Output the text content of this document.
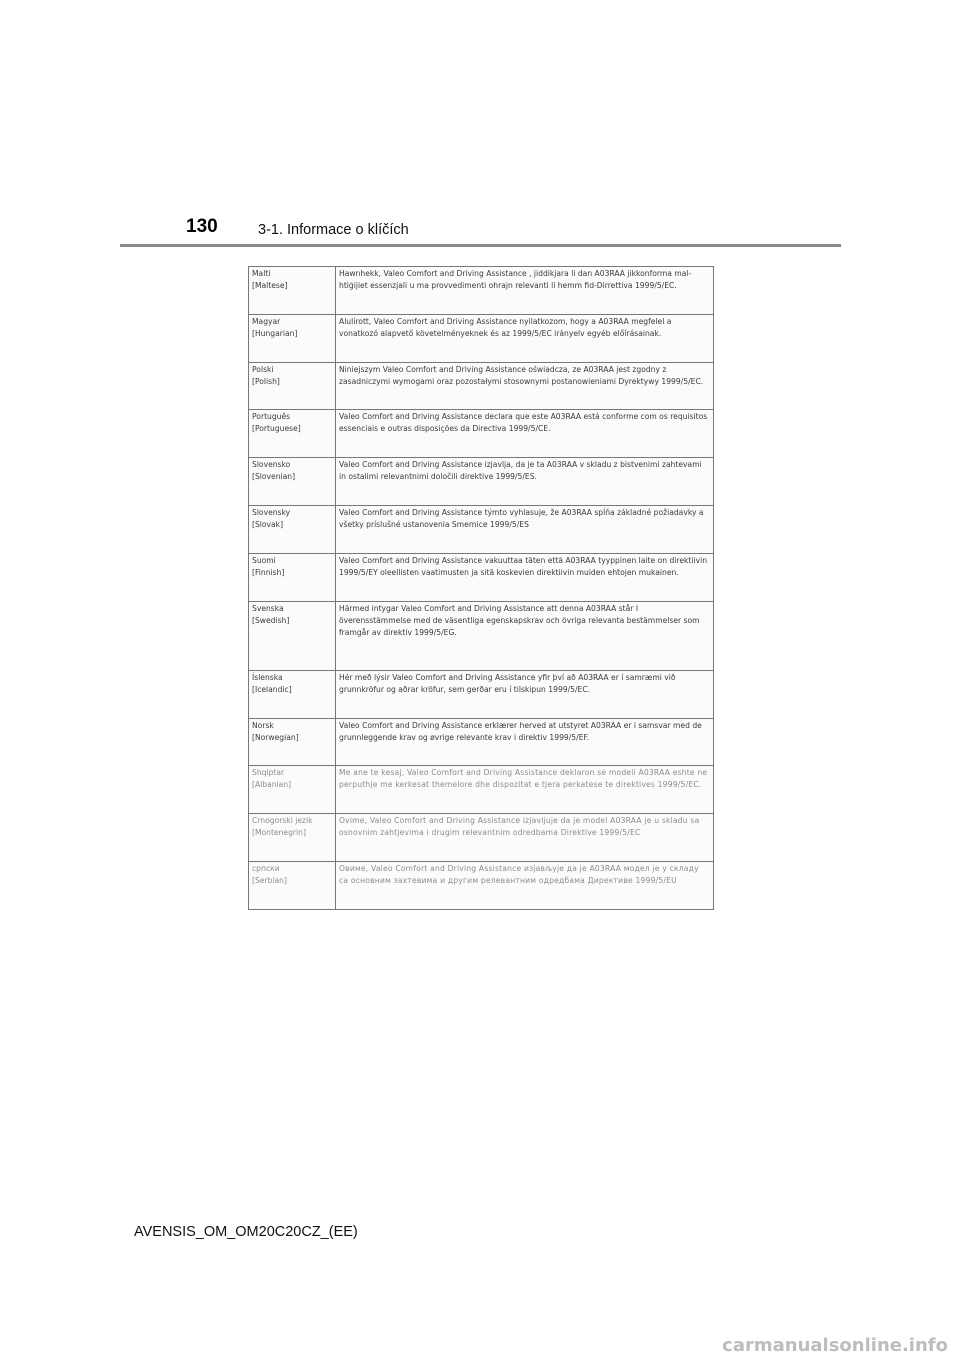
130	3-1. Informace o klíčích
Malti
[Maltese]	Hawnhekk, Valeo Comfort and Driving Assistance , jiddikjara li dan A03RAA jikkonforma mal-htiġijiet essenzjali u ma provvedimenti ohrajn relevanti li hemm fid-Dirrettiva 1999/5/EC.
Magyar
[Hungarian]	Alulírott, Valeo Comfort and Driving Assistance nyilatkozom, hogy a A03RAA megfelel a vonatkozó alapvető követelményeknek és az 1999/5/EC irányelv egyéb előírásainak.
Polski
[Polish]	Niniejszym Valeo Comfort and Driving Assistance oświadcza, ze A03RAA jest zgodny z zasadniczymi wymogami oraz pozostałymi stosownymi postanowieniami Dyrektywy 1999/5/EC.
Português
[Portuguese]	Valeo Comfort and Driving Assistance declara que este A03RAA está conforme com os requisitos essenciais e outras disposições da Directiva 1999/5/CE.
Slovensko
[Slovenian]	Valeo Comfort and Driving Assistance izjavlja, da je ta A03RAA v skladu z bistvenimi zahtevami in ostalimi relevantnimi določili direktive 1999/5/ES.
Slovensky
[Slovak]	Valeo Comfort and Driving Assistance týmto vyhlasuje, že A03RAA spĺňa základné požiadavky a všetky príslušné ustanovenia Smernice 1999/5/ES
Suomi
[Finnish]	Valeo Comfort and Driving Assistance vakuuttaa täten että A03RAA tyyppinen laite on direktiivin 1999/5/EY oleellisten vaatimusten ja sitä koskevien direktiivin muiden ehtojen mukainen.
Svenska
[Swedish]	Härmed intygar Valeo Comfort and Driving Assistance att denna A03RAA står I överensstämmelse med de väsentliga egenskapskrav och övriga relevanta bestämmelser som framgår av direktiv 1999/5/EG.
Íslenska
[Icelandic]	Hér með lýsir Valeo Comfort and Driving Assistance yfir því að A03RAA er í samræmi við grunnkröfur og aðrar kröfur, sem gerðar eru í tilskipun 1999/5/EC.
Norsk
[Norwegian]	Valeo Comfort and Driving Assistance erklærer herved at utstyret A03RAA er i samsvar med de grunnleggende krav og øvrige relevante krav i direktiv 1999/5/EF.
Shqiptar
[Albanian]	Me ane te kesaj, Valeo Comfort and Driving Assistance deklaron se modeli A03RAA eshte ne perputhje me kerkesat themelore dhe dispozitat e tjera perkatese te direktives 1999/5/EC.
Crnogorski jezik
[Montenegrin]	Ovime, Valeo Comfort and Driving Assistance izjavljuje da je model A03RAA je u skladu sa osnovnim zahtjevima i drugim relevantnim odredbama Direktive 1999/5/EC
српски
[Serbian]	Овиме, Valeo Comfort and Driving Assistance изјављује да је A03RAA модел је у складу са основним захтевима и другим релевантним одредбама Директиве 1999/5/EU
AVENSIS_OM_OM20C20CZ_(EE)
carmanualsonline.info
